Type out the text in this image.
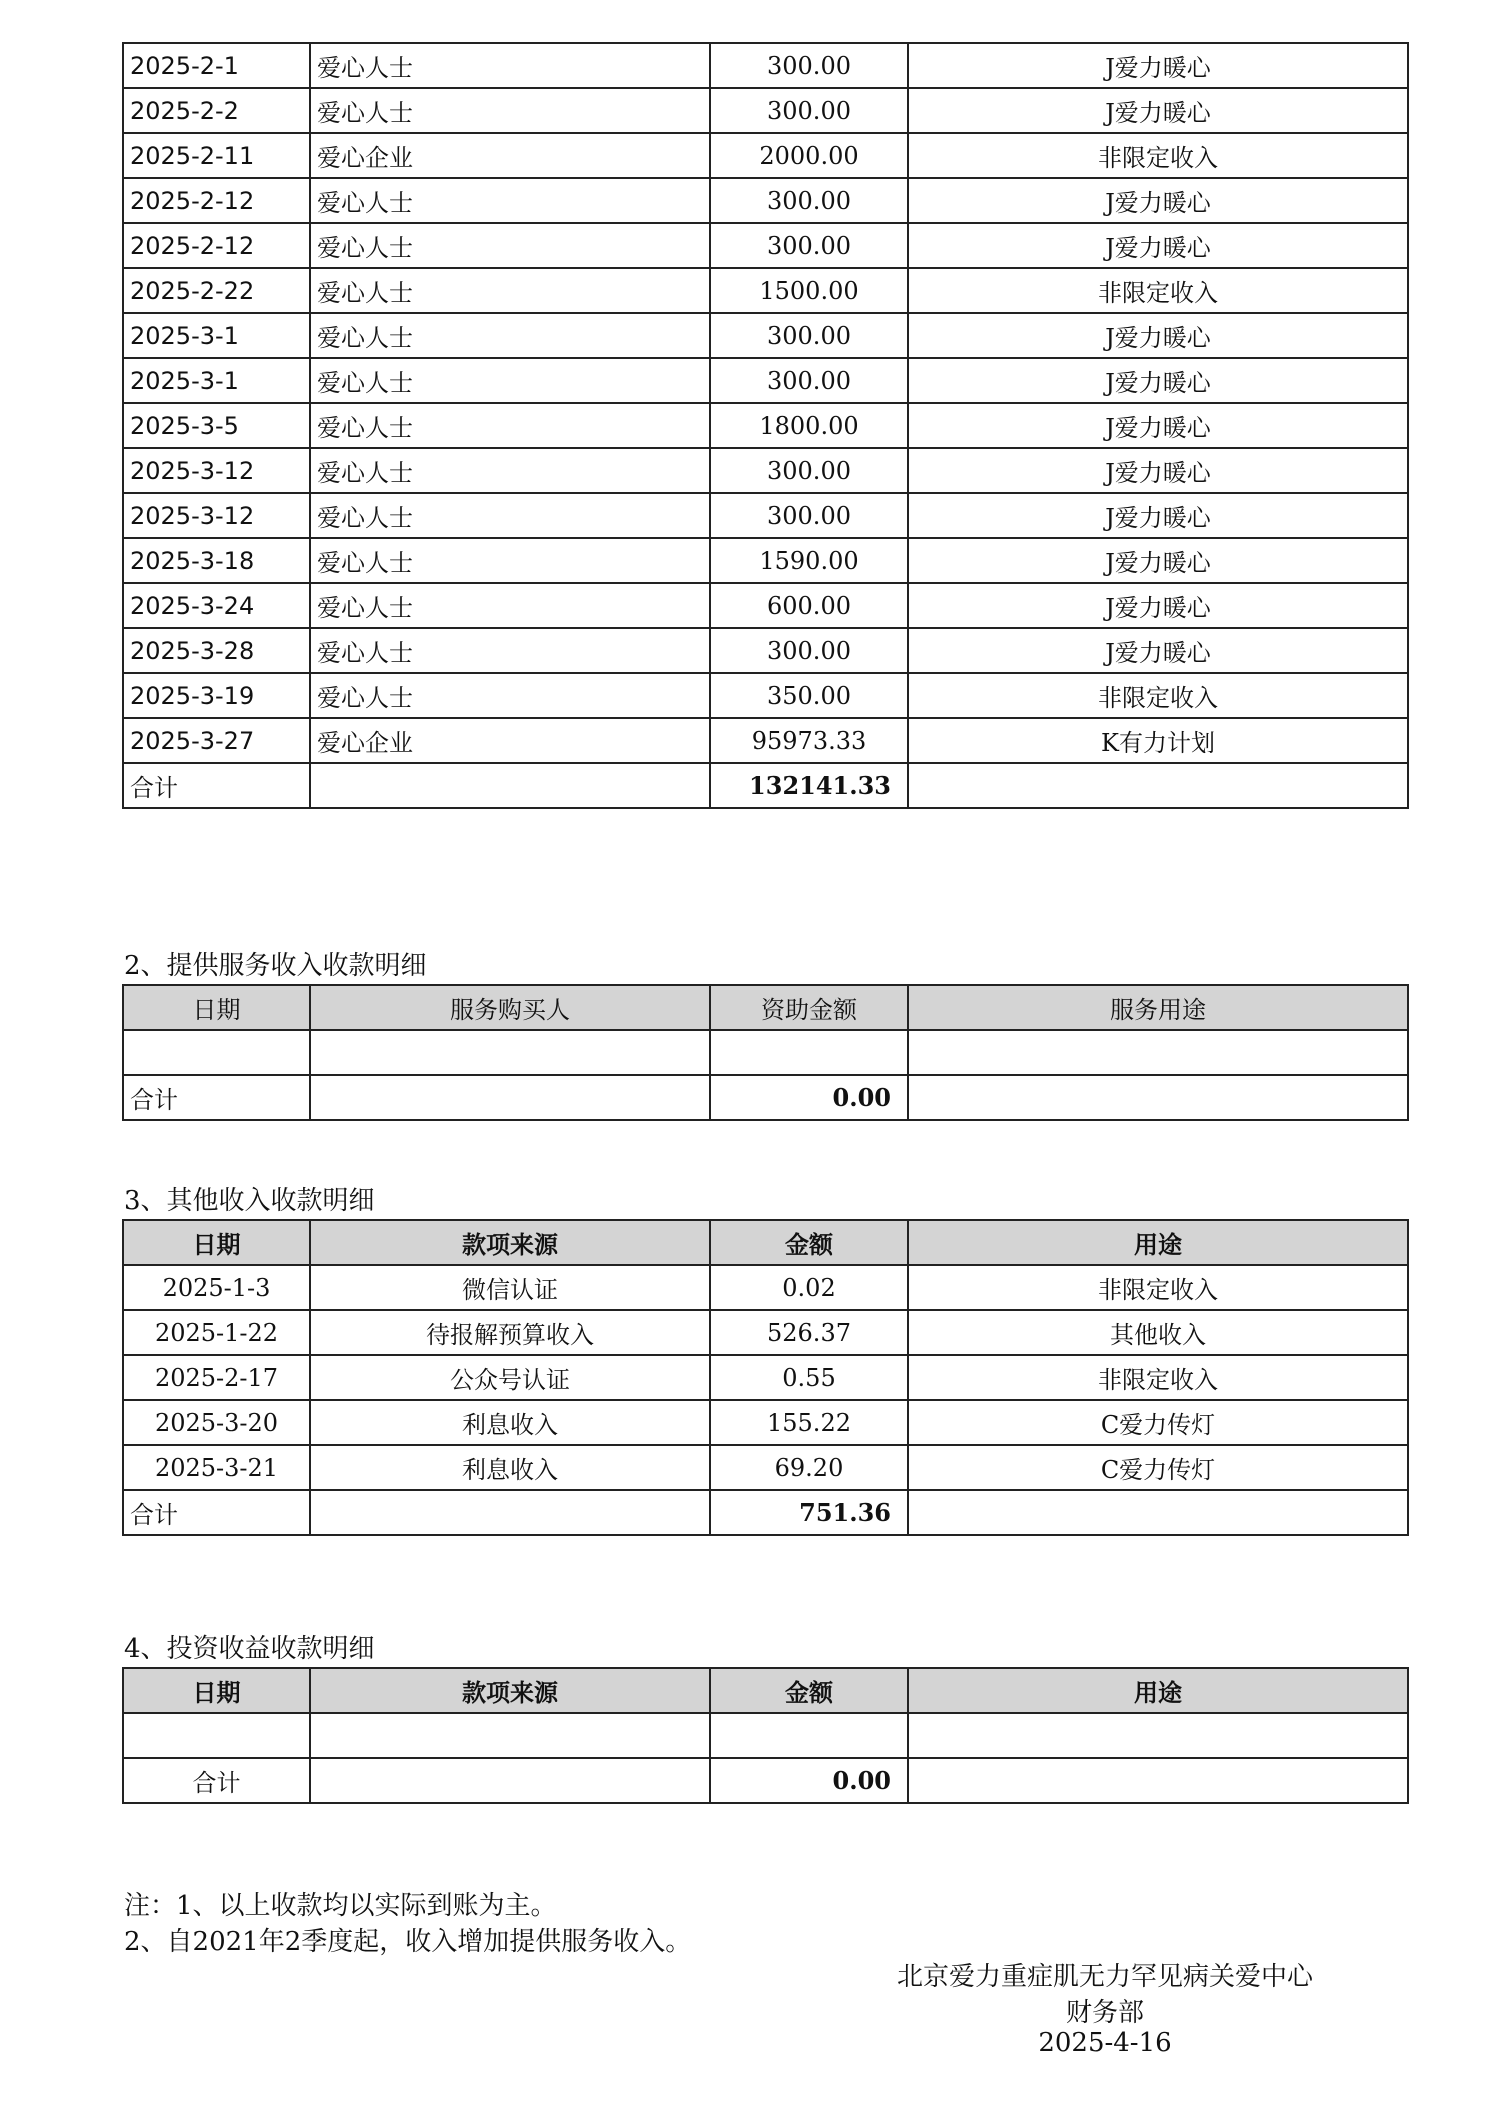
2025-2-1	爱心人士	300.00	J爱力暖心
2025-2-2	爱心人士	300.00	J爱力暖心
2025-2-11	爱心企业	2000.00	非限定收入
2025-2-12	爱心人士	300.00	J爱力暖心
2025-2-12	爱心人士	300.00	J爱力暖心
2025-2-22	爱心人士	1500.00	非限定收入
2025-3-1	爱心人士	300.00	J爱力暖心
2025-3-1	爱心人士	300.00	J爱力暖心
2025-3-5	爱心人士	1800.00	J爱力暖心
2025-3-12	爱心人士	300.00	J爱力暖心
2025-3-12	爱心人士	300.00	J爱力暖心
2025-3-18	爱心人士	1590.00	J爱力暖心
2025-3-24	爱心人士	600.00	J爱力暖心
2025-3-28	爱心人士	300.00	J爱力暖心
2025-3-19	爱心人士	350.00	非限定收入
2025-3-27	爱心企业	95973.33	K有力计划
合计		132141.33	
2、提供服务收入收款明细
日期	服务购买人	资助金额	服务用途

合计		0.00	
3、其他收入收款明细
日期	款项来源	金额	用途
2025-1-3	微信认证	0.02	非限定收入
2025-1-22	待报解预算收入	526.37	其他收入
2025-2-17	公众号认证	0.55	非限定收入
2025-3-20	利息收入	155.22	C爱力传灯
2025-3-21	利息收入	69.20	C爱力传灯
合计		751.36	
4、投资收益收款明细
日期	款项来源	金额	用途

合计		0.00	
注：1、以上收款均以实际到账为主。
2、自2021年2季度起，收入增加提供服务收入。
北京爱力重症肌无力罕见病关爱中心
财务部
2025-4-16
